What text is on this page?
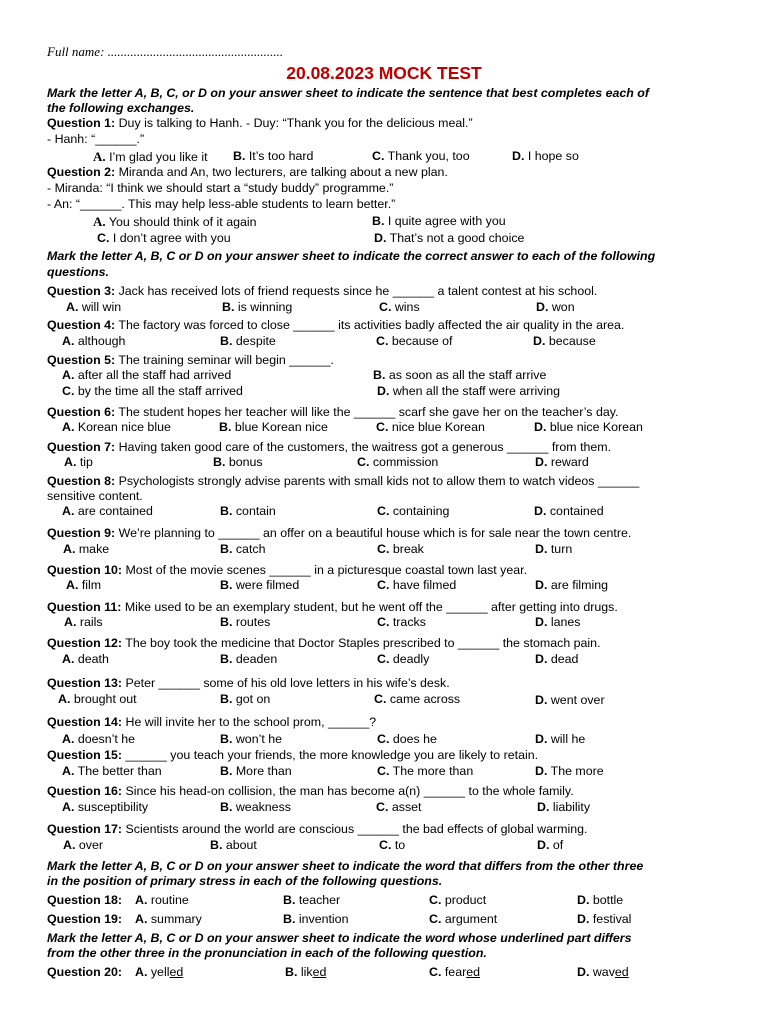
Full name: ......................................................
20.08.2023 MOCK TEST
Mark the letter A, B, C, or D on your answer sheet to indicate the sentence that best completes each of
the following exchanges.
Question 1: Duy is talking to Hanh. - Duy: “Thank you for the delicious meal.”
- Hanh: “______.”
A. I’m glad you like it B. It’s too hard	C. Thank you, too	D. I hope so
Question 2: Miranda and An, two lecturers, are talking about a new plan.
- Miranda: “I think we should start a “study buddy” programme.”
- An: “______. This may help less-able students to learn better.”
A. You should think of it again	B. I quite agree with you
C. I don’t agree with you	D. That’s not a good choice
Mark the letter A, B, C or D on your answer sheet to indicate the correct answer to each of the following
questions.
Question 3: Jack has received lots of friend requests since he ______ a talent contest at his school.
A. will win	B. is winning	C. wins	D. won
Question 4: The factory was forced to close ______ its activities badly affected the air quality in the area.
A. although	B. despite	C. because of	D. because
Question 5: The training seminar will begin ______.
A. after all the staff had arrived	B. as soon as all the staff arrive
C. by the time all the staff arrived	D. when all the staff were arriving
Question 6: The student hopes her teacher will like the ______ scarf she gave her on the teacher’s day.
A. Korean nice blue	B. blue Korean nice	C. nice blue Korean	D. blue nice Korean
Question 7: Having taken good care of the customers, the waitress got a generous ______ from them.
A. tip	B. bonus	C. commission	D. reward
Question 8: Psychologists strongly advise parents with small kids not to allow them to watch videos ______
sensitive content.
A. are contained	B. contain	C. containing	D. contained
Question 9: We’re planning to ______ an offer on a beautiful house which is for sale near the town centre.
A. make	B. catch	C. break	D. turn
Question 10: Most of the movie scenes ______ in a picturesque coastal town last year.
A. film	B. were filmed	C. have filmed	D. are filming
Question 11: Mike used to be an exemplary student, but he went off the ______ after getting into drugs.
A. rails	B. routes	C. tracks	D. lanes
Question 12: The boy took the medicine that Doctor Staples prescribed to ______ the stomach pain.
A. death	B. deaden	C. deadly	D. dead
Question 13: Peter ______ some of his old love letters in his wife’s desk.
A. brought out	B. got on	C. came across	D. went over
Question 14: He will invite her to the school prom, ______?
A. doesn’t he	B. won’t he	C. does he	D. will he
Question 15: ______ you teach your friends, the more knowledge you are likely to retain.
A. The better than	B. More than	C. The more than	D. The more
Question 16: Since his head-on collision, the man has become a(n) ______ to the whole family.
A. susceptibility	B. weakness	C. asset	D. liability
Question 17: Scientists around the world are conscious ______ the bad effects of global warming.
A. over	B. about	C. to	D. of
Mark the letter A, B, C or D on your answer sheet to indicate the word that differs from the other three
in the position of primary stress in each of the following questions.
Question 18: A. routine	B. teacher	C. product	D. bottle
Question 19: A. summary	B. invention	C. argument	D. festival
Mark the letter A, B, C or D on your answer sheet to indicate the word whose underlined part differs
from the other three in the pronunciation in each of the following question.
Question 20: A. yelled	B. liked	C. feared	D. waved
